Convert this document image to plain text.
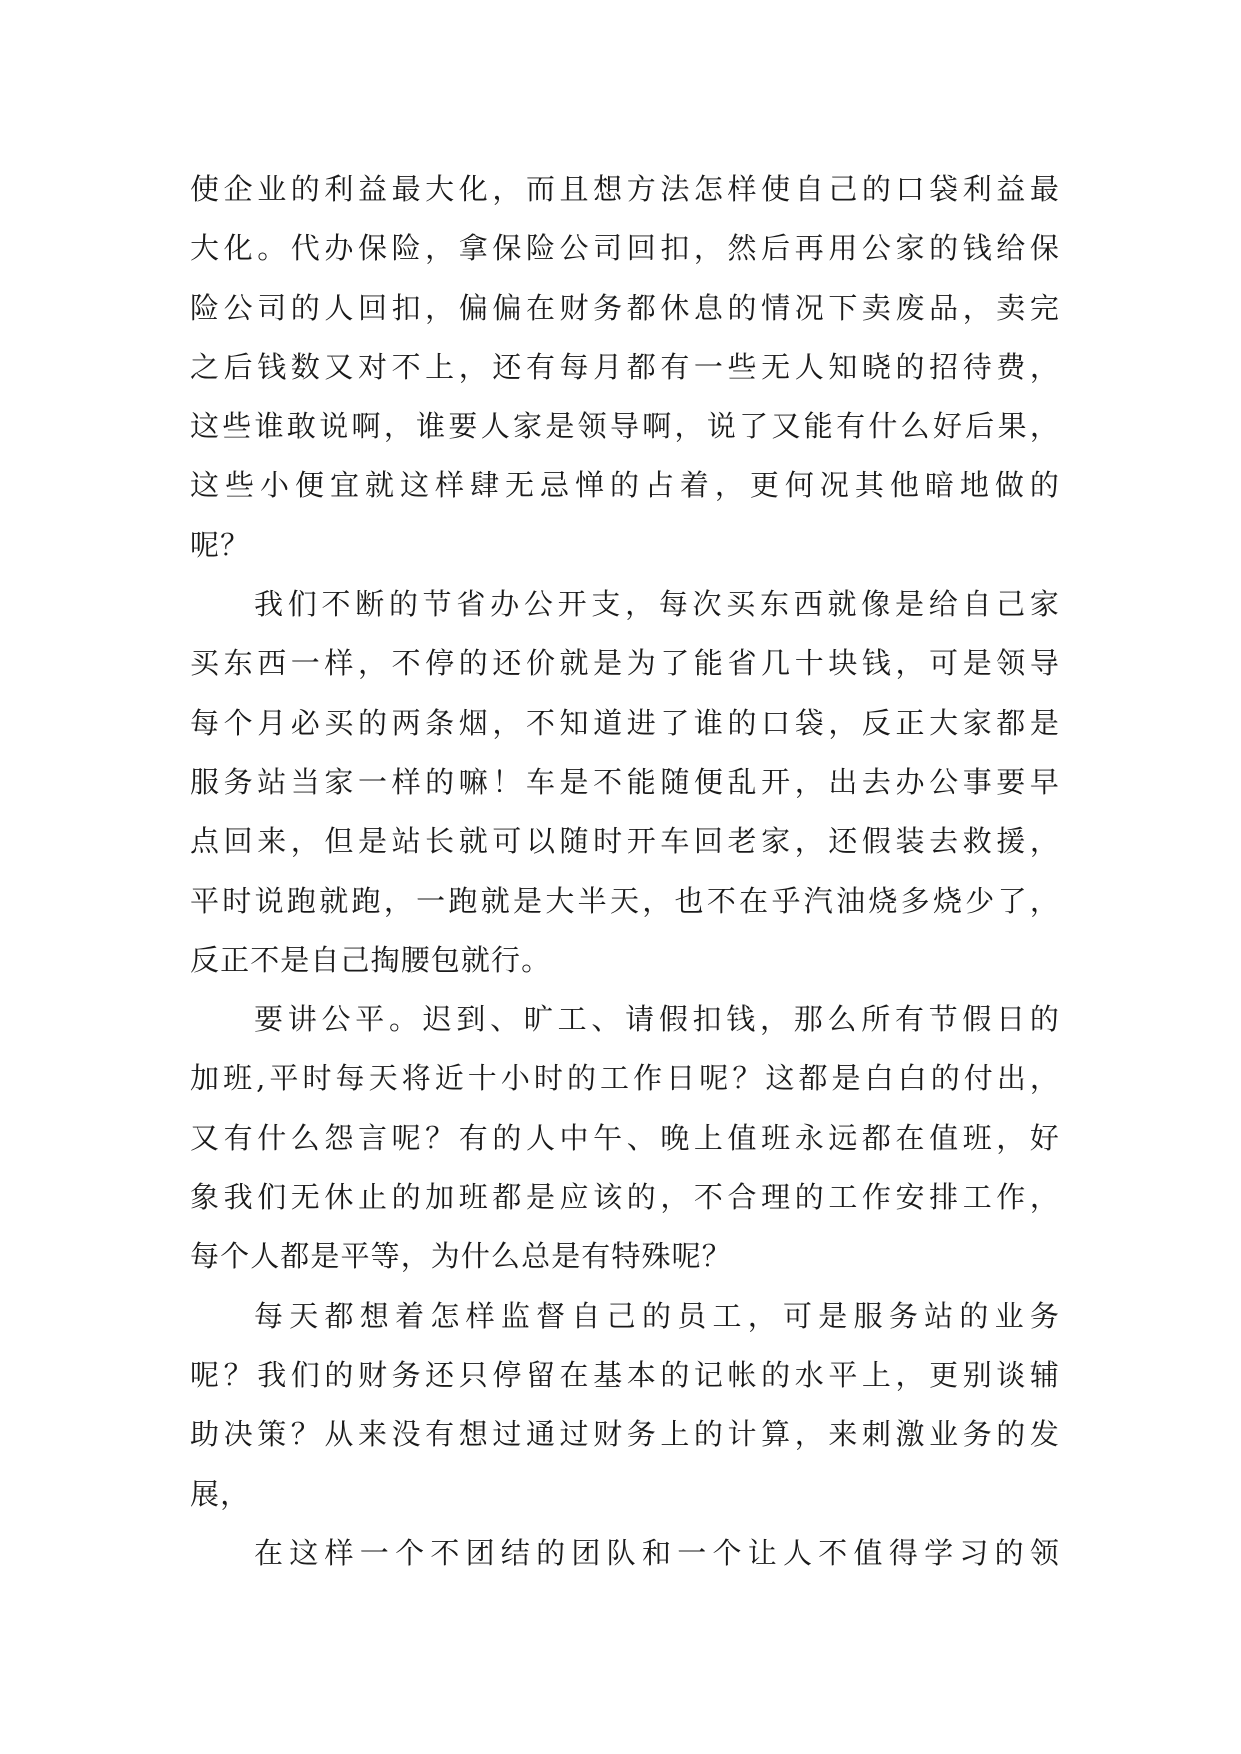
使企业的利益最大化，而且想方法怎样使自己的口袋利益最
大化。代办保险，拿保险公司回扣，然后再用公家的钱给保
险公司的人回扣，偏偏在财务都休息的情况下卖废品，卖完
之后钱数又对不上，还有每月都有一些无人知晓的招待费，
这些谁敢说啊，谁要人家是领导啊，说了又能有什么好后果，
这些小便宜就这样肆无忌惮的占着，更何况其他暗地做的
呢？
我们不断的节省办公开支，每次买东西就像是给自己家
买东西一样，不停的还价就是为了能省几十块钱，可是领导
每个月必买的两条烟，不知道进了谁的口袋，反正大家都是
服务站当家一样的嘛！车是不能随便乱开，出去办公事要早
点回来，但是站长就可以随时开车回老家，还假装去救援，
平时说跑就跑，一跑就是大半天，也不在乎汽油烧多烧少了，
反正不是自己掏腰包就行。
要讲公平。迟到、旷工、请假扣钱，那么所有节假日的
加班,平时每天将近十小时的工作日呢？这都是白白的付出，
又有什么怨言呢？有的人中午、晚上值班永远都在值班，好
象我们无休止的加班都是应该的，不合理的工作安排工作，
每个人都是平等，为什么总是有特殊呢？
每天都想着怎样监督自己的员工，可是服务站的业务
呢？我们的财务还只停留在基本的记帐的水平上，更别谈辅
助决策？从来没有想过通过财务上的计算，来刺激业务的发
展，
在这样一个不团结的团队和一个让人不值得学习的领
